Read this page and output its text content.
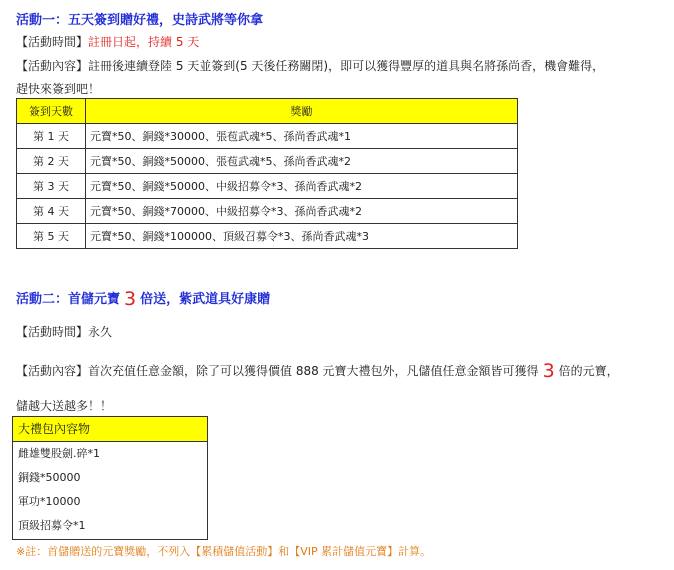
活動一：五天簽到贈好禮，史詩武將等你拿
【活動時間】註冊日起，持續 5 天
【活動內容】註冊後連續登陸 5 天並簽到(5 天後任務關閉)，即可以獲得豐厚的道具與名將孫尚香，機會難得，
趕快來簽到吧！
簽到天數	獎勵
第 1 天	元寶*50、銅錢*30000、張苞武魂*5、孫尚香武魂*1
第 2 天	元寶*50、銅錢*50000、張苞武魂*5、孫尚香武魂*2
第 3 天	元寶*50、銅錢*50000、中級招募令*3、孫尚香武魂*2
第 4 天	元寶*50、銅錢*70000、中級招募令*3、孫尚香武魂*2
第 5 天	元寶*50、銅錢*100000、頂級召募令*3、孫尚香武魂*3
活動二：首儲元寶 3 倍送，紫武道具好康贈
【活動時間】永久
【活動內容】首次充值任意金額，除了可以獲得價值 888 元寶大禮包外，凡儲值任意金額皆可獲得 3 倍的元寶，
儲越大送越多！！
大禮包內容物
雌雄雙股劍.碎*1
銅錢*50000
軍功*10000
頂級招募令*1
※註：首儲贈送的元寶獎勵，不列入【累積儲值活動】和【VIP 累計儲值元寶】計算。
